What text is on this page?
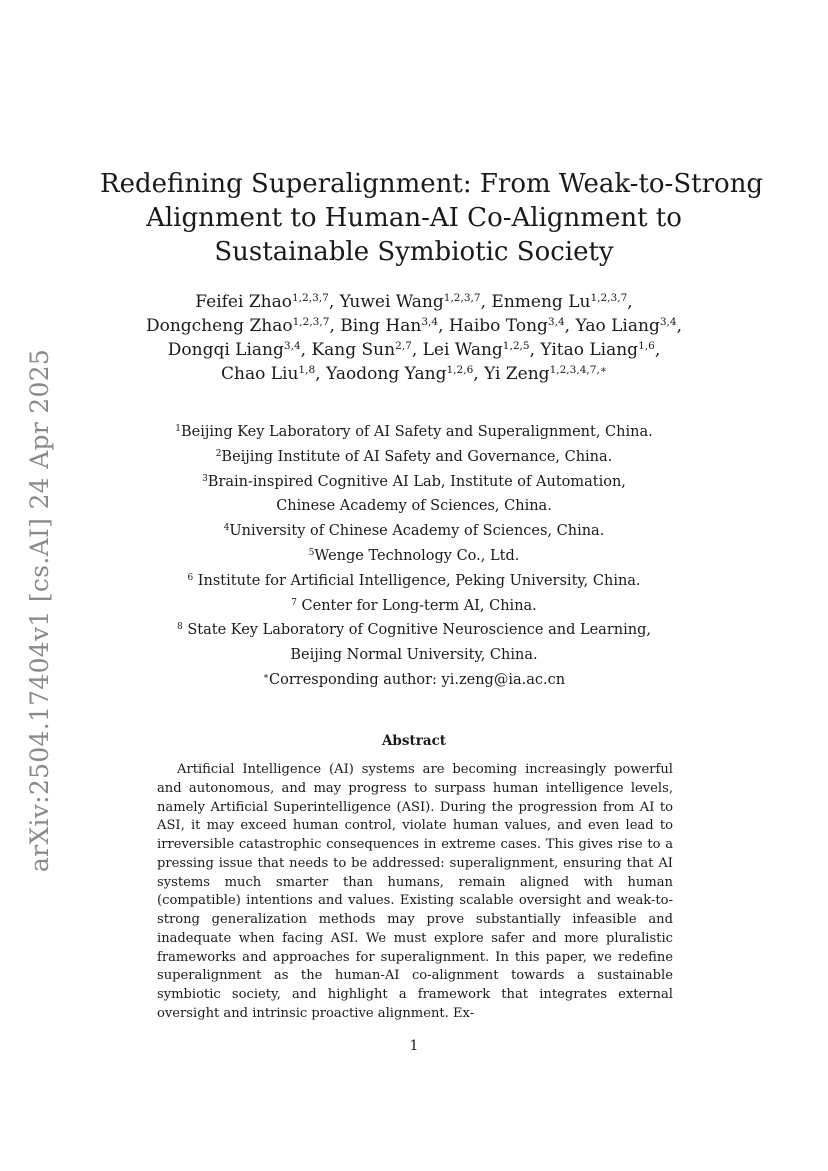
arXiv:2504.17404v1 [cs.AI] 24 Apr 2025
Redefining Superalignment: From Weak-to-Strong
Alignment to Human-AI Co-Alignment to
Sustainable Symbiotic Society
Feifei Zhao$^{1,2,3,7}$, Yuwei Wang$^{1,2,3,7}$, Enmeng Lu$^{1,2,3,7}$,
Dongcheng Zhao$^{1,2,3,7}$, Bing Han$^{3,4}$, Haibo Tong$^{3,4}$, Yao Liang$^{3,4}$,
Dongqi Liang$^{3,4}$, Kang Sun$^{2,7}$, Lei Wang$^{1,2,5}$, Yitao Liang$^{1,6}$,
Chao Liu$^{1,8}$, Yaodong Yang$^{1,2,6}$, Yi Zeng$^{1,2,3,4,7,∗}$
$^1$Beijing Key Laboratory of AI Safety and Superalignment, China.
$^2$Beijing Institute of AI Safety and Governance, China.
$^3$Brain-inspired Cognitive AI Lab, Institute of Automation,
Chinese Academy of Sciences, China.
$^4$University of Chinese Academy of Sciences, China.
$^5$Wenge Technology Co., Ltd.
$^6$ Institute for Artificial Intelligence, Peking University, China.
$^7$ Center for Long-term AI, China.
$^8$ State Key Laboratory of Cognitive Neuroscience and Learning,
Beijing Normal University, China.
∗Corresponding author: yi.zeng@ia.ac.cn
Abstract

Artificial Intelligence (AI) systems are becoming increasingly powerful and autonomous, and may progress to surpass human intelligence levels, namely Artificial Superintelligence (ASI). During the progression from AI to ASI, it may exceed human control, violate human values, and even lead to irreversible catastrophic consequences in extreme cases. This gives rise to a pressing issue that needs to be addressed: superalignment, ensuring that AI systems much smarter than humans, remain aligned with human (compatible) intentions and values. Existing scalable oversight and weak-to-strong generalization methods may prove substantially infeasible and inadequate when facing ASI. We must explore safer and more pluralistic frameworks and approaches for superalignment. In this paper, we redefine superalignment as the human-AI co-alignment towards a sustainable symbiotic society, and highlight a framework that integrates external oversight and intrinsic proactive alignment. Ex-

1
